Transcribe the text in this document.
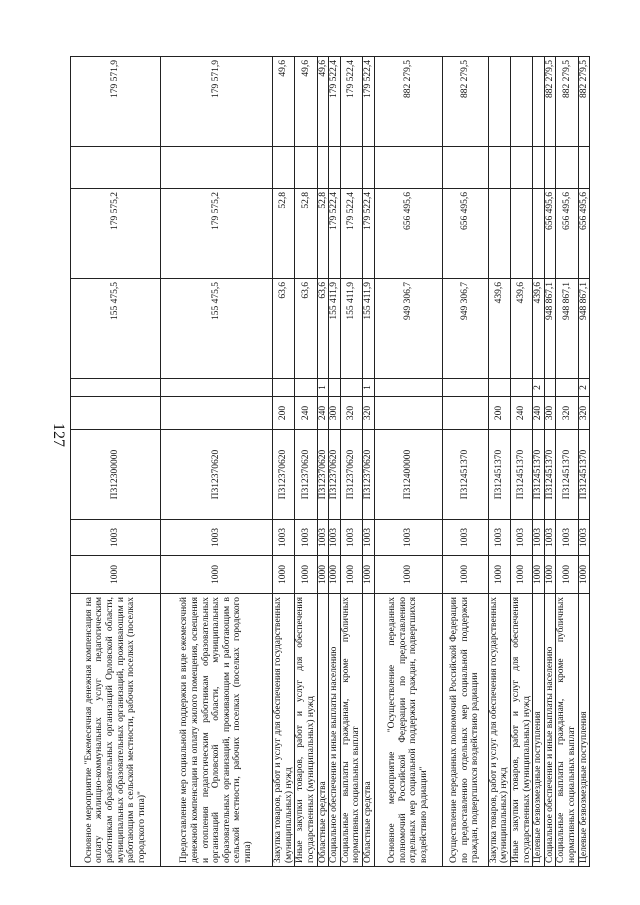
127
Основное мероприятие "Ежемесячная денежная компенсация на оплату жилищно-коммунальных услуг педагогическим работникам образовательных организаций Орловской области, муниципальных образовательных организаций, проживающим и работающим в сельской местности, рабочих поселках (поселках городского типа)"	1000	1003	П312300000			155 475,5	179 575,2		179 571,9
Предоставление мер социальной поддержки в виде ежемесячной денежной компенсации на оплату жилого помещения, освещения и отопления педагогическим работникам образовательных организаций Орловской области, муниципальных образовательных организаций, проживающим и работающим в сельской местности, рабочих поселках (поселках городского типа)	1000	1003	П312370620			155 475,5	179 575,2		179 571,9
Закупка товаров, работ и услуг для обеспечения государственных (муниципальных) нужд	1000	1003	П312370620	200		63,6	52,8		49,6
Иные закупки товаров, работ и услуг для обеспечения государственных (муниципальных) нужд	1000	1003	П312370620	240		63,6	52,8		49,6
Областные средства	1000	1003	П312370620	240	1	63,6	52,8		49,6
Социальное обеспечение и иные выплаты населению	1000	1003	П312370620	300		155 411,9	179 522,4		179 522,4
Социальные выплаты гражданам, кроме публичных нормативных социальных выплат	1000	1003	П312370620	320		155 411,9	179 522,4		179 522,4
Областные средства	1000	1003	П312370620	320	1	155 411,9	179 522,4		179 522,4
Основное мероприятие "Осуществление переданных полномочий Российской Федерации по предоставлению отдельных мер социальной поддержки граждан, подвергшихся воздействию радиации"	1000	1003	П312400000			949 306,7	656 495,6		882 279,5
Осуществление переданных полномочий Российской Федерации по предоставлению отдельных мер социальной поддержки граждан, подвергшихся воздействию радиации	1000	1003	П312451370			949 306,7	656 495,6		882 279,5
Закупка товаров, работ и услуг для обеспечения государственных (муниципальных) нужд	1000	1003	П312451370	200		439,6			
Иные закупки товаров, работ и услуг для обеспечения государственных (муниципальных) нужд	1000	1003	П312451370	240		439,6			
Целевые безвозмездные поступления	1000	1003	П312451370	240	2	439,6			
Социальное обеспечение и иные выплаты населению	1000	1003	П312451370	300		948 867,1	656 495,6		882 279,5
Социальные выплаты гражданам, кроме публичных нормативных социальных выплат	1000	1003	П312451370	320		948 867,1	656 495,6		882 279,5
Целевые безвозмездные поступления	1000	1003	П312451370	320	2	948 867,1	656 495,6		882 279,5
